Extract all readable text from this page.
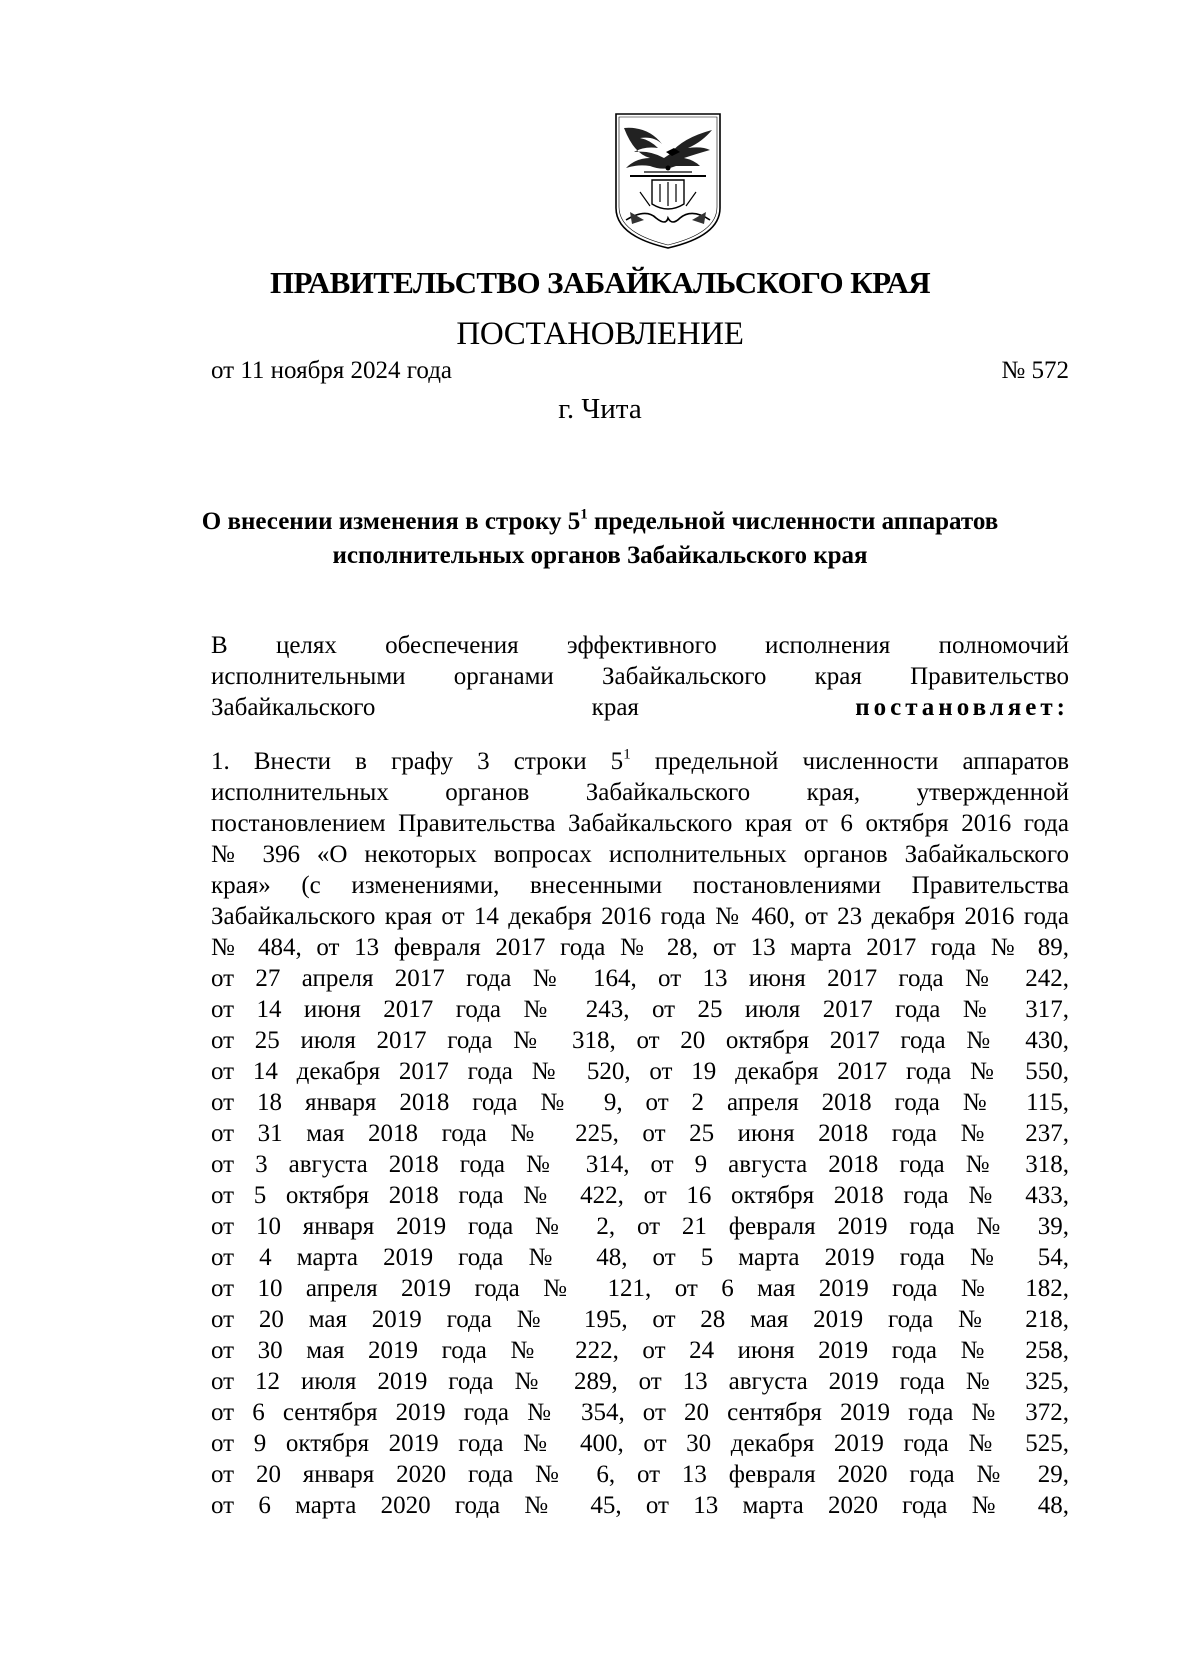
ПРАВИТЕЛЬСТВО ЗАБАЙКАЛЬСКОГО КРАЯ
ПОСТАНОВЛЕНИЕ
от 11 ноября 2024 года	№ 572
г. Чита
О внесении изменения в строку $5^1$ предельной численности аппаратов
исполнительных органов Забайкальского края
В целях обеспечения эффективного исполнения полномочий
исполнительными органами Забайкальского края Правительство
Забайкальского края	постановляет:
1. Внести в графу 3 строки $5^1$ предельной численности аппаратов
исполнительных органов Забайкальского края, утвержденной
постановлением Правительства Забайкальского края от 6 октября 2016 года
№ 396 «О некоторых вопросах исполнительных органов Забайкальского
края» (с изменениями, внесенными постановлениями Правительства
Забайкальского края от 14 декабря 2016 года № 460, от 23 декабря 2016 года
№ 484, от 13 февраля 2017 года № 28, от 13 марта 2017 года № 89,
от 27 апреля 2017 года № 164, от 13 июня 2017 года № 242,
от 14 июня 2017 года № 243, от 25 июля 2017 года № 317,
от 25 июля 2017 года № 318, от 20 октября 2017 года № 430,
от 14 декабря 2017 года № 520, от 19 декабря 2017 года № 550,
от 18 января 2018 года № 9, от 2 апреля 2018 года № 115,
от 31 мая 2018 года № 225, от 25 июня 2018 года № 237,
от 3 августа 2018 года № 314, от 9 августа 2018 года № 318,
от 5 октября 2018 года № 422, от 16 октября 2018 года № 433,
от 10 января 2019 года № 2, от 21 февраля 2019 года № 39,
от 4 марта 2019 года № 48, от 5 марта 2019 года № 54,
от 10 апреля 2019 года № 121, от 6 мая 2019 года № 182,
от 20 мая 2019 года № 195, от 28 мая 2019 года № 218,
от 30 мая 2019 года № 222, от 24 июня 2019 года № 258,
от 12 июля 2019 года № 289, от 13 августа 2019 года № 325,
от 6 сентября 2019 года № 354, от 20 сентября 2019 года № 372,
от 9 октября 2019 года № 400, от 30 декабря 2019 года № 525,
от 20 января 2020 года № 6, от 13 февраля 2020 года № 29,
от 6 марта 2020 года № 45, от 13 марта 2020 года № 48,
